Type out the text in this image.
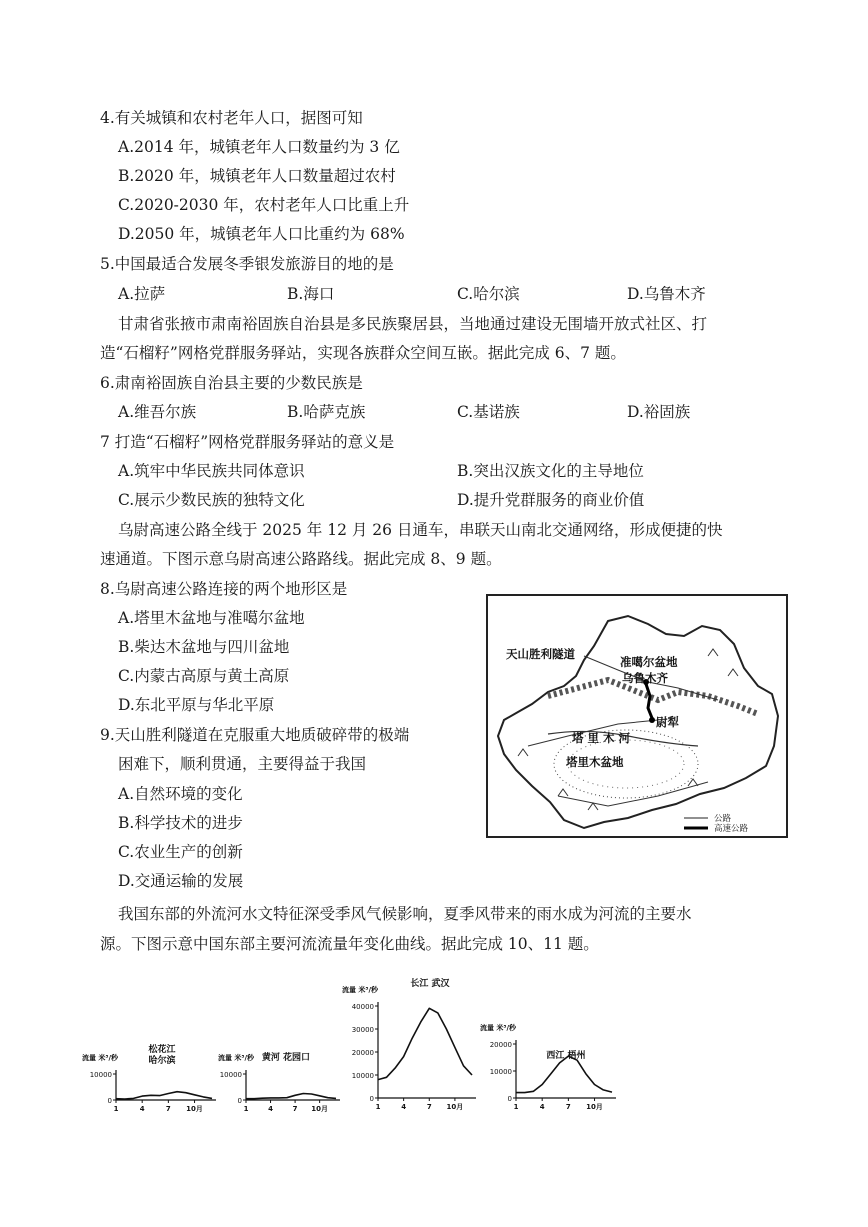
4.有关城镇和农村老年人口，据图可知
A.2014 年，城镇老年人口数量约为 3 亿
B.2020 年，城镇老年人口数量超过农村
C.2020-2030 年，农村老年人口比重上升
D.2050 年，城镇老年人口比重约为 68%
5.中国最适合发展冬季银发旅游目的地的是
A.拉萨	B.海口	C.哈尔滨	D.乌鲁木齐
甘肃省张掖市肃南裕固族自治县是多民族聚居县，当地通过建设无围墙开放式社区、打
造“石榴籽”网格党群服务驿站，实现各族群众空间互嵌。据此完成 6、7 题。
6.肃南裕固族自治县主要的少数民族是
A.维吾尔族	B.哈萨克族	C.基诺族	D.裕固族
7 打造“石榴籽”网格党群服务驿站的意义是
A.筑牢中华民族共同体意识	B.突出汉族文化的主导地位
C.展示少数民族的独特文化	D.提升党群服务的商业价值
乌尉高速公路全线于 2025 年 12 月 26 日通车，串联天山南北交通网络，形成便捷的快
速通道。下图示意乌尉高速公路路线。据此完成 8、9 题。
8.乌尉高速公路连接的两个地形区是
A.塔里木盆地与准噶尔盆地
B.柴达木盆地与四川盆地
C.内蒙古高原与黄土高原
D.东北平原与华北平原
9.天山胜利隧道在克服重大地质破碎带的极端
困难下，顺利贯通，主要得益于我国
A.自然环境的变化
B.科学技术的进步
C.农业生产的创新
D.交通运输的发展
天山胜利隧道
准噶尔盆地
乌鲁木齐
尉犁
塔 里 木 河
塔里木盆地
公路
高速公路
我国东部的外流河水文特征深受季风气候影响，夏季风带来的雨水成为河流的主要水
源。下图示意中国东部主要河流流量年变化曲线。据此完成 10、11 题。
流量 米³/秒
10000
0
1	4	7 10月
松花江
哈尔滨	流量 米³/秒
10000
0
1	4	7 10月
黄河 花园口
流量 米³/秒
40000
30000
20000
10000
0
1	4	7 10月
长江 武汉
流量 米³/秒
20000
10000
0
1	4	7 10月
西江 梧州
